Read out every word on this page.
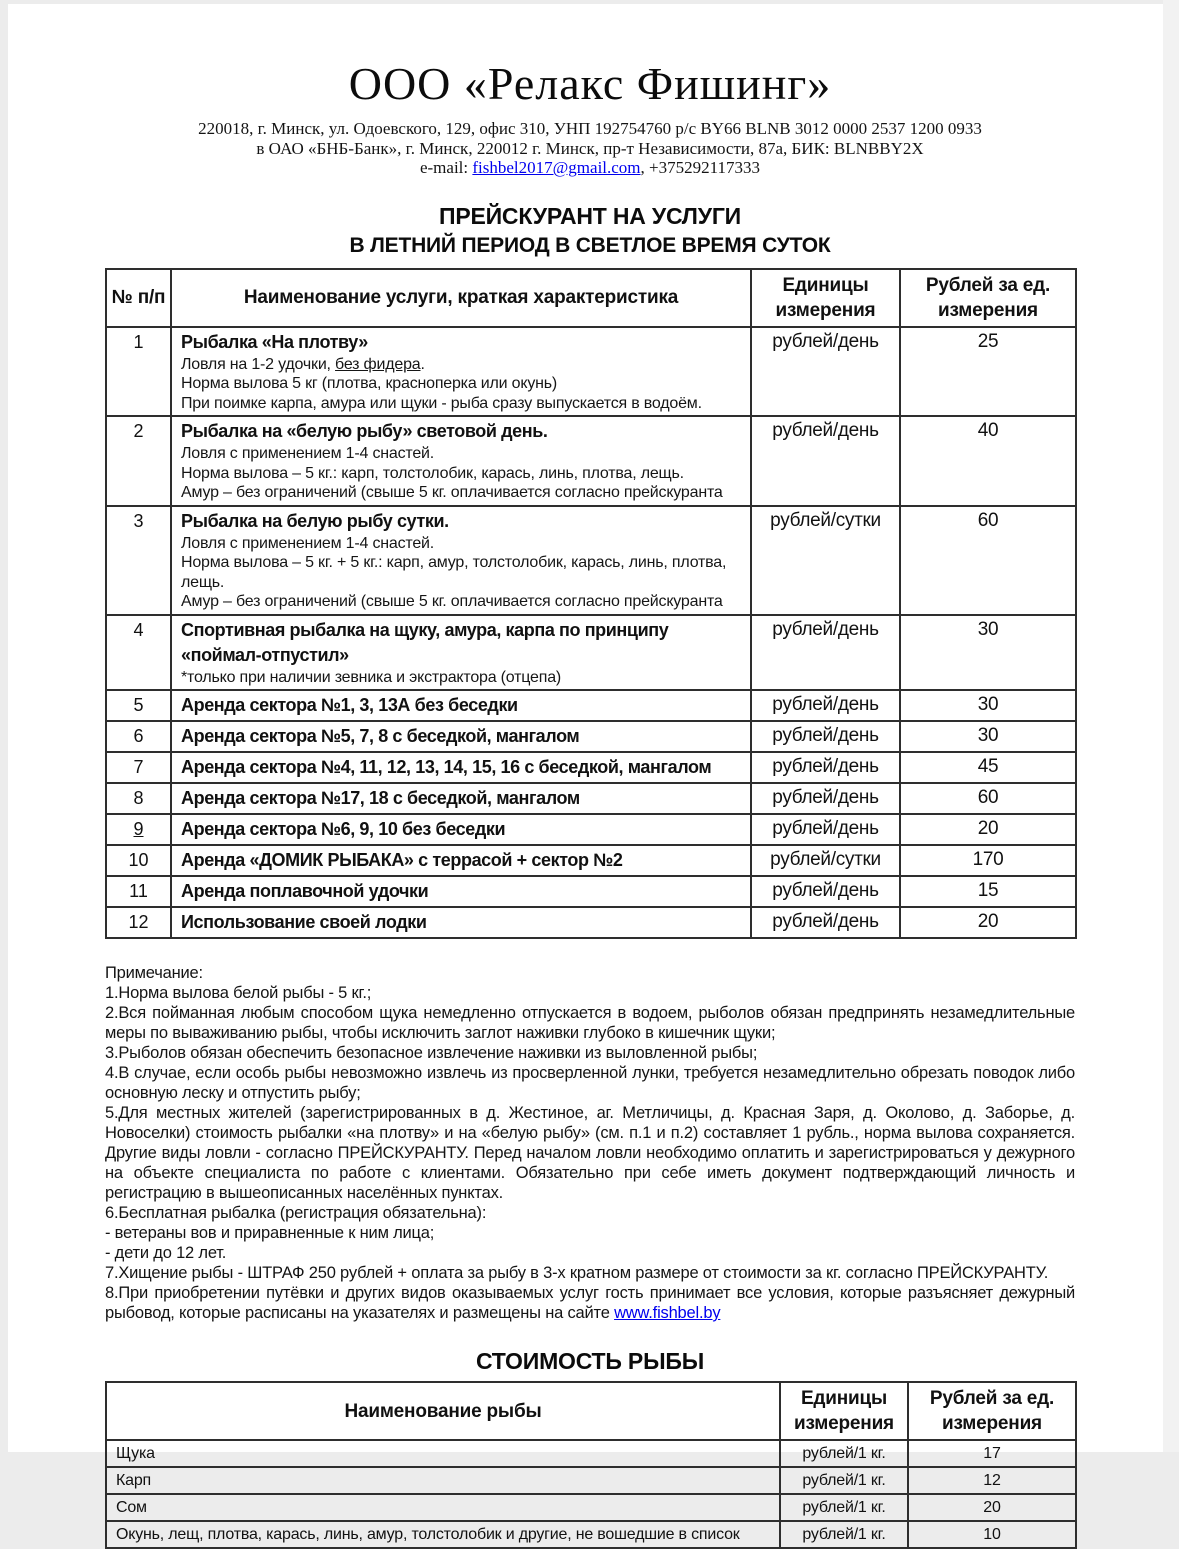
ООО «Релакс Фишинг»
220018, г. Минск, ул. Одоевского, 129, офис 310, УНП 192754760 р/с BY66 BLNB 3012 0000 2537 1200 0933
в ОАО «БНБ-Банк», г. Минск, 220012 г. Минск, пр-т Независимости, 87а, БИК: BLNBBY2X
e-mail: fishbel2017@gmail.com, +375292117333
ПРЕЙСКУРАНТ НА УСЛУГИ
В ЛЕТНИЙ ПЕРИОД В СВЕТЛОЕ ВРЕМЯ СУТОК
№ п/п	Наименование услуги, краткая характеристика	Единицы измерения	Рублей за ед. измерения
1	Рыбалка «На плотву»
Ловля на 1-2 удочки, без фидера.
Норма вылова 5 кг (плотва, красноперка или окунь)
При поимке карпа, амура или щуки - рыба сразу выпускается в водоём.	рублей/день	25
2	Рыбалка на «белую рыбу» световой день.
Ловля с применением 1-4 снастей.
Норма вылова – 5 кг.: карп, толстолобик, карась, линь, плотва, лещь.
Амур – без ограничений (свыше 5 кг. оплачивается согласно прейскуранта	рублей/день	40
3	Рыбалка на белую рыбу сутки.
Ловля с применением 1-4 снастей.
Норма вылова – 5 кг. + 5 кг.: карп, амур, толстолобик, карась, линь, плотва, лещь.
Амур – без ограничений (свыше 5 кг. оплачивается согласно прейскуранта	рублей/сутки	60
4	Спортивная рыбалка на щуку, амура, карпа по принципу «поймал-отпустил»
*только при наличии зевника и экстрактора (отцепа)	рублей/день	30
5	Аренда сектора №1, 3, 13А без беседки	рублей/день	30
6	Аренда сектора №5, 7, 8 с беседкой, мангалом	рублей/день	30
7	Аренда сектора №4, 11, 12, 13, 14, 15, 16 с беседкой, мангалом	рублей/день	45
8	Аренда сектора №17, 18 с беседкой, мангалом	рублей/день	60
9	Аренда сектора №6, 9, 10 без беседки	рублей/день	20
10	Аренда «ДОМИК РЫБАКА» с террасой + сектор №2	рублей/сутки	170
11	Аренда поплавочной удочки	рублей/день	15
12	Использование своей лодки	рублей/день	20

Примечание:

1.Норма вылова белой рыбы - 5 кг.;

2.Вся пойманная любым способом щука немедленно отпускается в водоем, рыболов обязан предпринять незамедлительные меры по вываживанию рыбы, чтобы исключить заглот наживки глубоко в кишечник щуки;

3.Рыболов обязан обеспечить безопасное извлечение наживки из выловленной рыбы;

4.В случае, если особь рыбы невозможно извлечь из просверленной лунки, требуется незамедлительно обрезать поводок либо основную леску и отпустить рыбу;

5.Для местных жителей (зарегистрированных в д. Жестиное, аг. Метличицы, д. Красная Заря, д. Околово, д. Заборье, д. Новоселки) стоимость рыбалки «на плотву» и на «белую рыбу» (см. п.1 и п.2) составляет 1 рубль., норма вылова сохраняется. Другие виды ловли - согласно ПРЕЙСКУРАНТУ. Перед началом ловли необходимо оплатить и зарегистрироваться у дежурного на объекте специалиста по работе с клиентами. Обязательно при себе иметь документ подтверждающий личность и регистрацию в вышеописанных населённых пунктах.

6.Бесплатная рыбалка (регистрация обязательна):

- ветераны вов и приравненные к ним лица;

- дети до 12 лет.

7.Хищение рыбы - ШТРАФ 250 рублей + оплата за рыбу в 3-х кратном размере от стоимости за кг. согласно ПРЕЙСКУРАНТУ.

8.При приобретении путёвки и других видов оказываемых услуг гость принимает все условия, которые разъясняет дежурный рыбовод, которые расписаны на указателях и размещены на сайте www.fishbel.by

СТОИМОСТЬ РЫБЫ
Наименование рыбы	Единицы измерения	Рублей за ед. измерения
Щука	рублей/1 кг.	17
Карп	рублей/1 кг.	12
Сом	рублей/1 кг.	20
Окунь, лещ, плотва, карась, линь, амур, толстолобик и другие, не вошедшие в список	рублей/1 кг.	10
